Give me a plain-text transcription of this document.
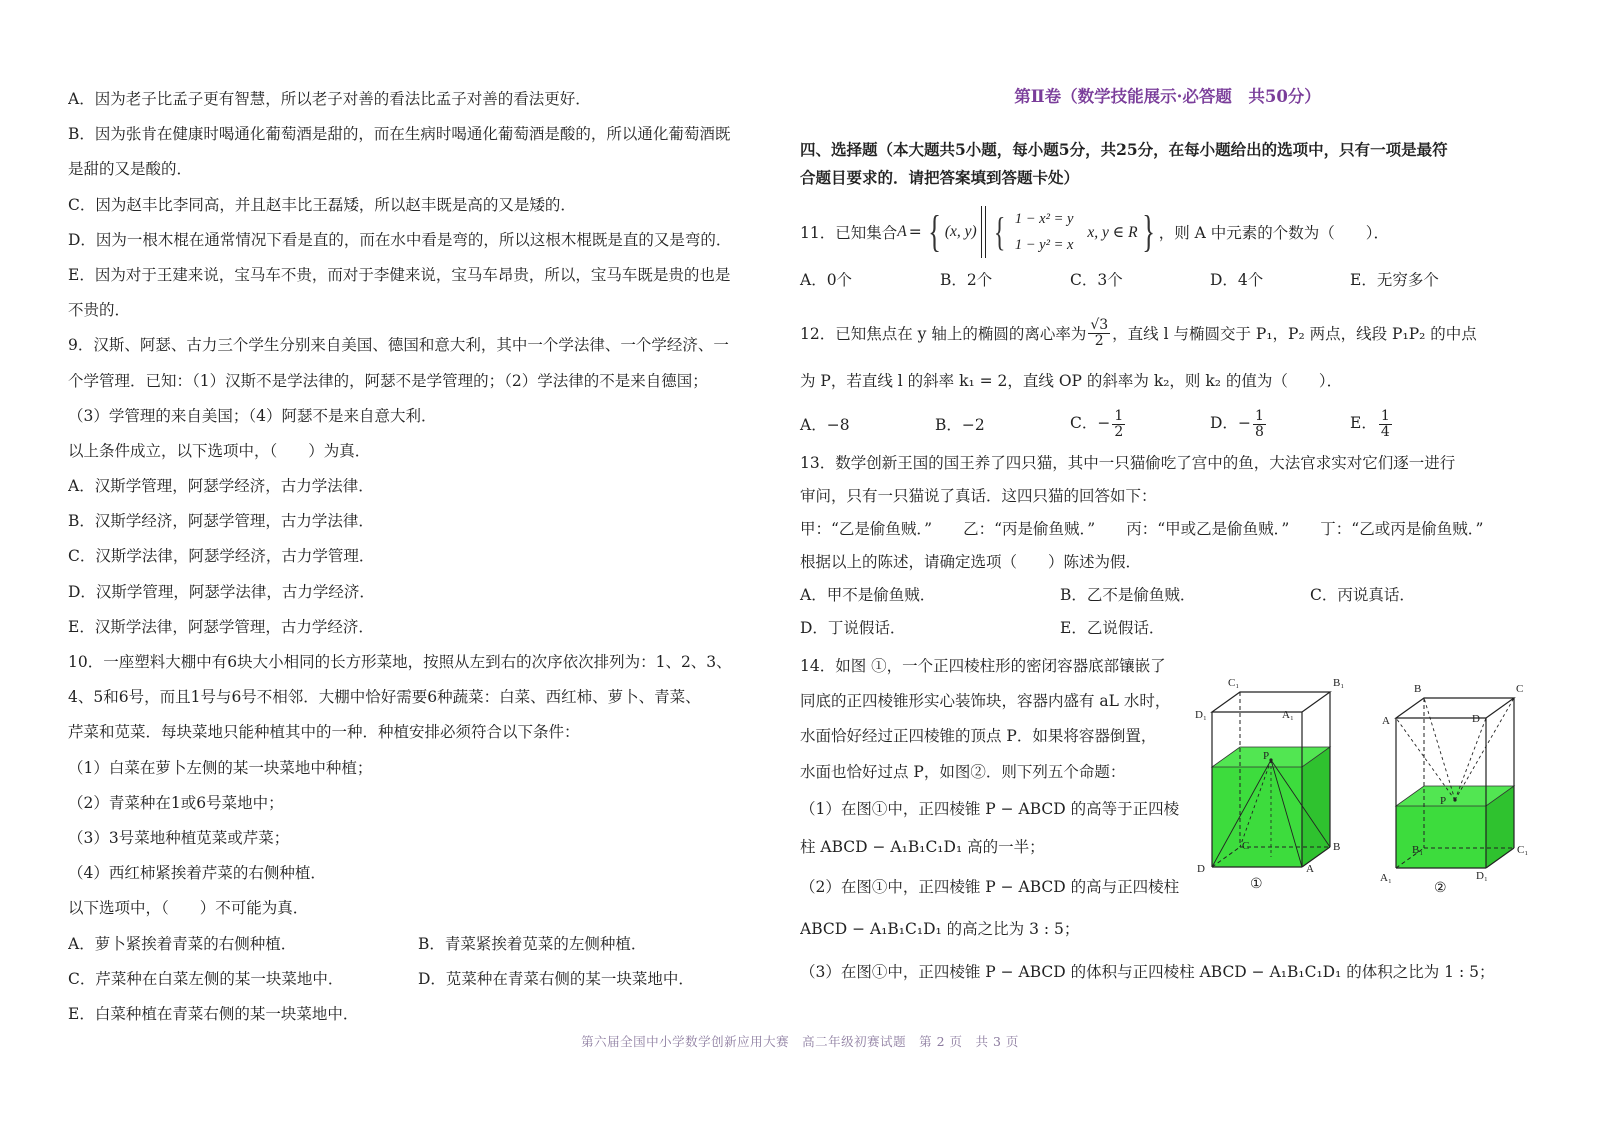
A．因为老子比孟子更有智慧，所以老子对善的看法比孟子对善的看法更好．
B．因为张肯在健康时喝通化葡萄酒是甜的，而在生病时喝通化葡萄酒是酸的，所以通化葡萄酒既
是甜的又是酸的．
C．因为赵丰比李同高，并且赵丰比王磊矮，所以赵丰既是高的又是矮的．
D．因为一根木棍在通常情况下看是直的，而在水中看是弯的，所以这根木棍既是直的又是弯的．
E．因为对于王建来说，宝马车不贵，而对于李健来说，宝马车昂贵，所以，宝马车既是贵的也是
不贵的．
9．汉斯、阿瑟、古力三个学生分别来自美国、德国和意大利，其中一个学法律、一个学经济、一
个学管理．已知：（1）汉斯不是学法律的，阿瑟不是学管理的；（2）学法律的不是来自德国；
（3）学管理的来自美国；（4）阿瑟不是来自意大利．
以上条件成立，以下选项中，（　　）为真．
A．汉斯学管理，阿瑟学经济，古力学法律．
B．汉斯学经济，阿瑟学管理，古力学法律．
C．汉斯学法律，阿瑟学经济，古力学管理．
D．汉斯学管理，阿瑟学法律，古力学经济．
E．汉斯学法律，阿瑟学管理，古力学经济．
10．一座塑料大棚中有6块大小相同的长方形菜地，按照从左到右的次序依次排列为：1、2、3、
4、5和6号，而且1号与6号不相邻．大棚中恰好需要6种蔬菜：白菜、西红柿、萝卜、青菜、
芹菜和苋菜．每块菜地只能种植其中的一种．种植安排必须符合以下条件：
（1）白菜在萝卜左侧的某一块菜地中种植；
（2）青菜种在1或6号菜地中；
（3）3号菜地种植苋菜或芹菜；
（4）西红柿紧挨着芹菜的右侧种植．
以下选项中，（　　）不可能为真．
A．萝卜紧挨着青菜的右侧种植．	B．青菜紧挨着苋菜的左侧种植．
C．芹菜种在白菜左侧的某一块菜地中．	D．苋菜种在青菜右侧的某一块菜地中．
E．白菜种植在青菜右侧的某一块菜地中．
第Ⅱ卷（数学技能展示·必答题　共50分）
四、选择题（本大题共5小题，每小题5分，共25分，在每小题给出的选项中，只有一项是最符
合题目要求的．请把答案填到答题卡处）
11．已知集合 A = { (x, y) { 1 − x² = y
1 − y² = x
x, y ∈ R } ，则 A 中元素的个数为（　　）．
A．0个	B．2个	C．3个	D．4个	E．无穷多个
12．已知焦点在 y 轴上的椭圆的离心率为 $\frac{√3}{2}$ ，直线 l 与椭圆交于 P₁，P₂ 两点，线段 P₁P₂ 的中点
为 P，若直线 l 的斜率 k₁ = 2，直线 OP 的斜率为 k₂，则 k₂ 的值为（　　）．
A．−8	B．−2	C．− $\frac{1}{2}$	D．− $\frac{1}{8}$	E． $\frac{1}{4}$
13．数学创新王国的国王养了四只猫，其中一只猫偷吃了宫中的鱼，大法官求实对它们逐一进行
审问，只有一只猫说了真话．这四只猫的回答如下：
甲：“乙是偷鱼贼．”　　乙：“丙是偷鱼贼．”　　丙：“甲或乙是偷鱼贼．”　　丁：“乙或丙是偷鱼贼．”
根据以上的陈述，请确定选项（　　）陈述为假．
A．甲不是偷鱼贼．	B．乙不是偷鱼贼．	C．丙说真话．
D．丁说假话．	E．乙说假话．
14．如图 ①，一个正四棱柱形的密闭容器底部镶嵌了
同底的正四棱锥形实心装饰块，容器内盛有 aL 水时，
水面恰好经过正四棱锥的顶点 P．如果将容器倒置，
水面也恰好过点 P，如图②．则下列五个命题：
（1）在图①中，正四棱锥 P − ABCD 的高等于正四棱
柱 ABCD − A₁B₁C₁D₁ 高的一半；
（2）在图①中，正四棱锥 P − ABCD 的高与正四棱柱
ABCD − A₁B₁C₁D₁ 的高之比为 3 : 5；
（3）在图①中，正四棱锥 P − ABCD 的体积与正四棱柱 ABCD − A₁B₁C₁D₁ 的体积之比为 1 : 5；
C₁	B₁
D₁	A₁
P
C	B
D	A
①
B	C
A	D
P
B₁	C₁
A₁	D₁
②
第六届全国中小学数学创新应用大赛　高二年级初赛试题　第 2 页　共 3 页
